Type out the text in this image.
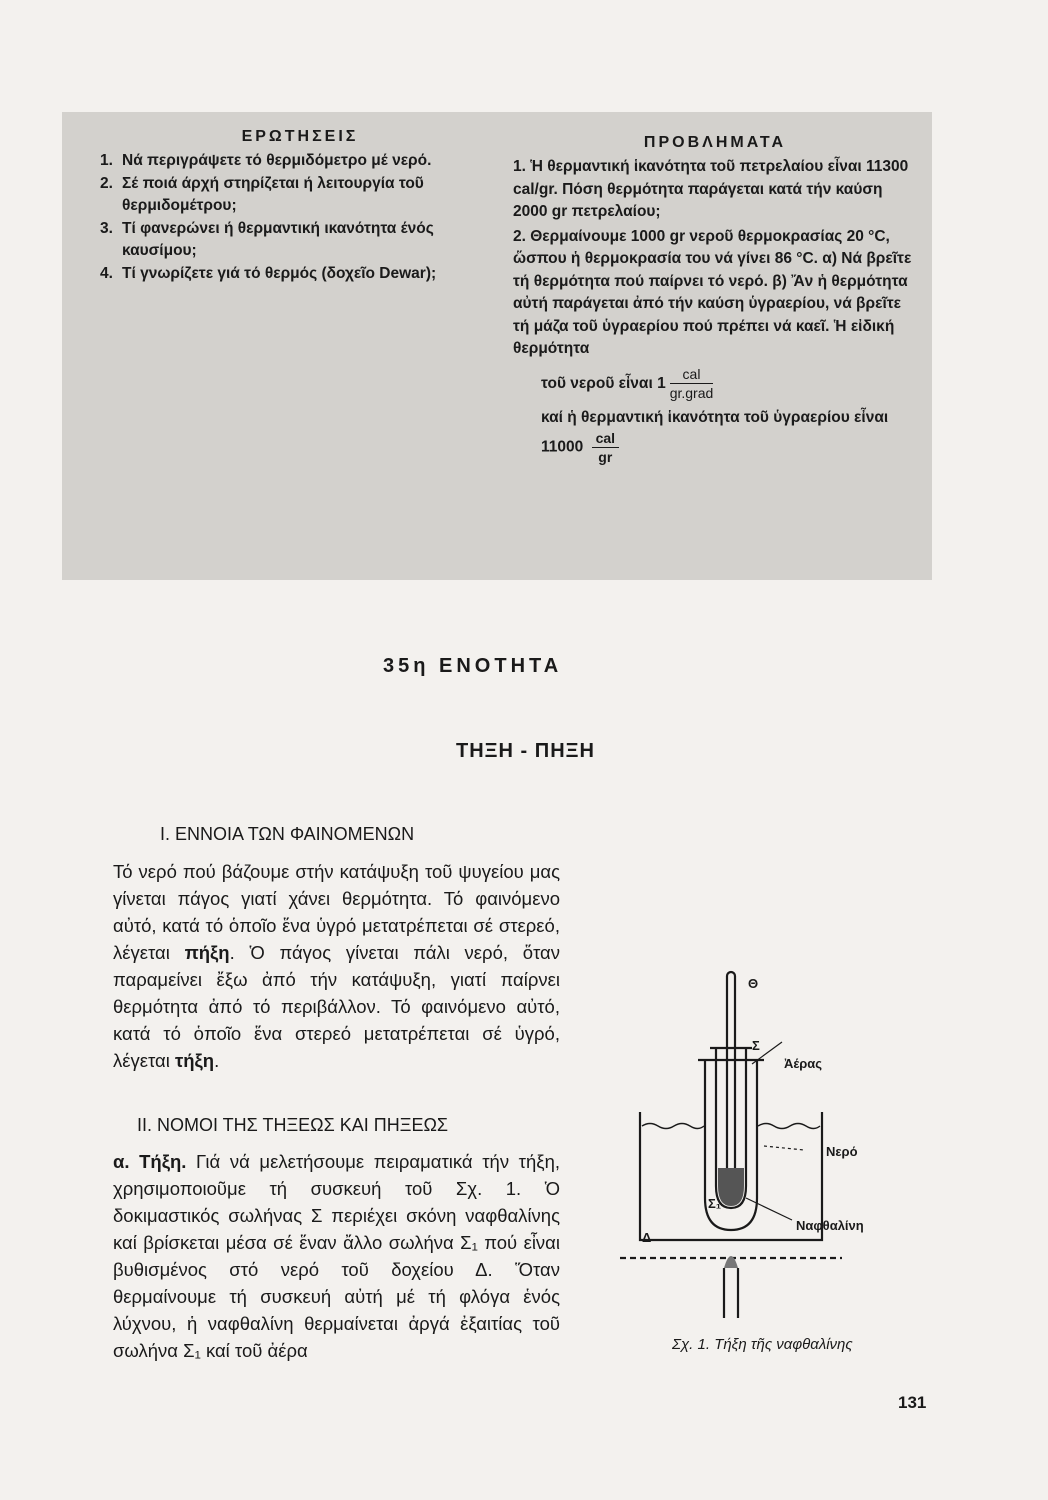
ΕΡΩΤΗΣΕΙΣ
1. Νά περιγράψετε τό θερμιδόμετρο μέ νερό.
2. Σέ ποιά άρχή στηρίζεται ή λειτουργία τοῦ θερμιδομέτρου;
3. Τί φανερώνει ή θερμαντική ικανότητα ένός καυσίμου;
4. Τί γνωρίζετε γιά τό θερμός (δοχεῖο Dewar);
ΠΡΟΒΛΗΜΑΤΑ
1. Ἡ θερμαντική ἱκανότητα τοῦ πετρελαίου εἶναι 11300 cal/gr. Πόση θερμότητα παράγεται κατά τήν καύση 2000 gr πετρελαίου;
2. Θερμαίνουμε 1000 gr νεροῦ θερμοκρασίας 20 °C, ὥσπου ἡ θερμοκρασία του νά γίνει 86 °C. α) Νά βρεῖτε τή θερμότητα πού παίρνει τό νερό. β) Ἄν ἡ θερμότητα αὐτή παράγεται ἀπό τήν καύση ὑγραερίου, νά βρεῖτε τή μάζα τοῦ ὑγραερίου πού πρέπει νά καεῖ. Ἡ εἰδική θερμότητα
τοῦ νεροῦ εἶναι $1 \frac{\text{cal}}{\text{gr.grad}}$
καί ἡ θερμαντική ἱκανότητα τοῦ ὑγραερίου εἶναι $11000 \frac{\text{cal}}{gr}$
35η ΕΝΟΤΗΤΑ
ΤΗΞΗ - ΠΗΞΗ
I. ΕΝΝΟΙΑ ΤΩΝ ΦΑΙΝΟΜΕΝΩΝ
Τό νερό πού βάζουμε στήν κατάψυξη τοῦ ψυγείου μας γίνεται πάγος γιατί χάνει θερμότητα. Τό φαινόμενο αὐτό, κατά τό ὁποῖο ἕνα ὑγρό μετατρέπεται σέ στερεό, λέγεται πήξη. Ὁ πάγος γίνεται πάλι νερό, ὅταν παραμείνει ἔξω ἀπό τήν κατάψυξη, γιατί παίρνει θερμότητα ἀπό τό περιβάλλον. Τό φαινόμενο αὐτό, κατά τό ὁποῖο ἕνα στερεό μετατρέπεται σέ ὑγρό, λέγεται τήξη.
II. ΝΟΜΟΙ ΤΗΣ ΤΗΞΕΩΣ ΚΑΙ ΠΗΞΕΩΣ
α. Τήξη. Γιά νά μελετήσουμε πειραματικά τήν τήξη, χρησιμοποιοῦμε τή συσκευή τοῦ Σχ. 1. Ὁ δοκιμαστικός σωλήνας Σ περιέχει σκόνη ναφθαλίνης καί βρίσκεται μέσα σέ ἕναν ἄλλο σωλήνα Σ₁ πού εἶναι βυθισμένος στό νερό τοῦ δοχείου Δ. Ὅταν θερμαίνουμε τή συσκευή αὐτή μέ τή φλόγα ἑνός λύχνου, ἡ ναφθαλίνη θερμαίνεται ἀργά ἐξαιτίας τοῦ σωλήνα Σ₁ καί τοῦ ἀέρα
Θ
Σ
Ἀέρας
Νερό
Σ₁
Ναφθαλίνη
Δ
Σχ. 1. Τήξη τῆς ναφθαλίνης
131
